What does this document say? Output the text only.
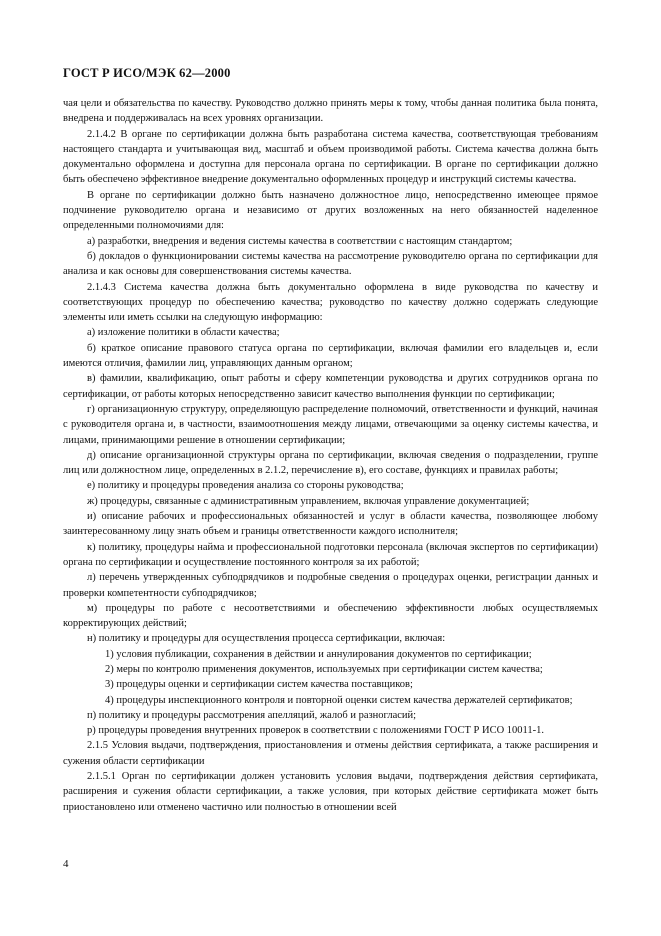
ГОСТ Р ИСО/МЭК 62—2000

чая цели и обязательства по качеству. Руководство должно принять меры к тому, чтобы данная политика была понята, внедрена и поддерживалась на всех уровнях организации.

2.1.4.2 В органе по сертификации должна быть разработана система качества, соответствующая требованиям настоящего стандарта и учитывающая вид, масштаб и объем производимой работы. Система качества должна быть документально оформлена и доступна для персонала органа по сертификации. В органе по сертификации должно быть обеспечено эффективное внедрение документально оформленных процедур и инструкций системы качества.

В органе по сертификации должно быть назначено должностное лицо, непосредственно имеющее прямое подчинение руководителю органа и независимо от других возложенных на него обязанностей наделенное определенными полномочиями для:

а) разработки, внедрения и ведения системы качества в соответствии с настоящим стандартом;

б) докладов о функционировании системы качества на рассмотрение руководителю органа по сертификации для анализа и как основы для совершенствования системы качества.

2.1.4.3 Система качества должна быть документально оформлена в виде руководства по качеству и соответствующих процедур по обеспечению качества; руководство по качеству должно содержать следующие элементы или иметь ссылки на следующую информацию:

а) изложение политики в области качества;

б) краткое описание правового статуса органа по сертификации, включая фамилии его владельцев и, если имеются отличия, фамилии лиц, управляющих данным органом;

в) фамилии, квалификацию, опыт работы и сферу компетенции руководства и других сотрудников органа по сертификации, от работы которых непосредственно зависит качество выполнения функции по сертификации;

г) организационную структуру, определяющую распределение полномочий, ответственности и функций, начиная с руководителя органа и, в частности, взаимоотношения между лицами, отвечающими за оценку системы качества, и лицами, принимающими решение в отношении сертификации;

д) описание организационной структуры органа по сертификации, включая сведения о подразделении, группе лиц или должностном лице, определенных в 2.1.2, перечисление в), его составе, функциях и правилах работы;

е) политику и процедуры проведения анализа со стороны руководства;

ж) процедуры, связанные с административным управлением, включая управление документацией;

и) описание рабочих и профессиональных обязанностей и услуг в области качества, позволяющее любому заинтересованному лицу знать объем и границы ответственности каждого исполнителя;

к) политику, процедуры найма и профессиональной подготовки персонала (включая экспертов по сертификации) органа по сертификации и осуществление постоянного контроля за их работой;

л) перечень утвержденных субподрядчиков и подробные сведения о процедурах оценки, регистрации данных и проверки компетентности субподрядчиков;

м) процедуры по работе с несоответствиями и обеспечению эффективности любых осуществляемых корректирующих действий;

н) политику и процедуры для осуществления процесса сертификации, включая:

1) условия публикации, сохранения в действии и аннулирования документов по сертификации;

2) меры по контролю применения документов, используемых при сертификации систем качества;

3) процедуры оценки и сертификации систем качества поставщиков;

4) процедуры инспекционного контроля и повторной оценки систем качества держателей сертификатов;

п) политику и процедуры рассмотрения апелляций, жалоб и разногласий;

р) процедуры проведения внутренних проверок в соответствии с положениями ГОСТ Р ИСО 10011-1.

2.1.5 Условия выдачи, подтверждения, приостановления и отмены действия сертификата, а также расширения и сужения области сертификации

2.1.5.1 Орган по сертификации должен установить условия выдачи, подтверждения действия сертификата, расширения и сужения области сертификации, а также условия, при которых действие сертификата может быть приостановлено или отменено частично или полностью в отношении всей

4
